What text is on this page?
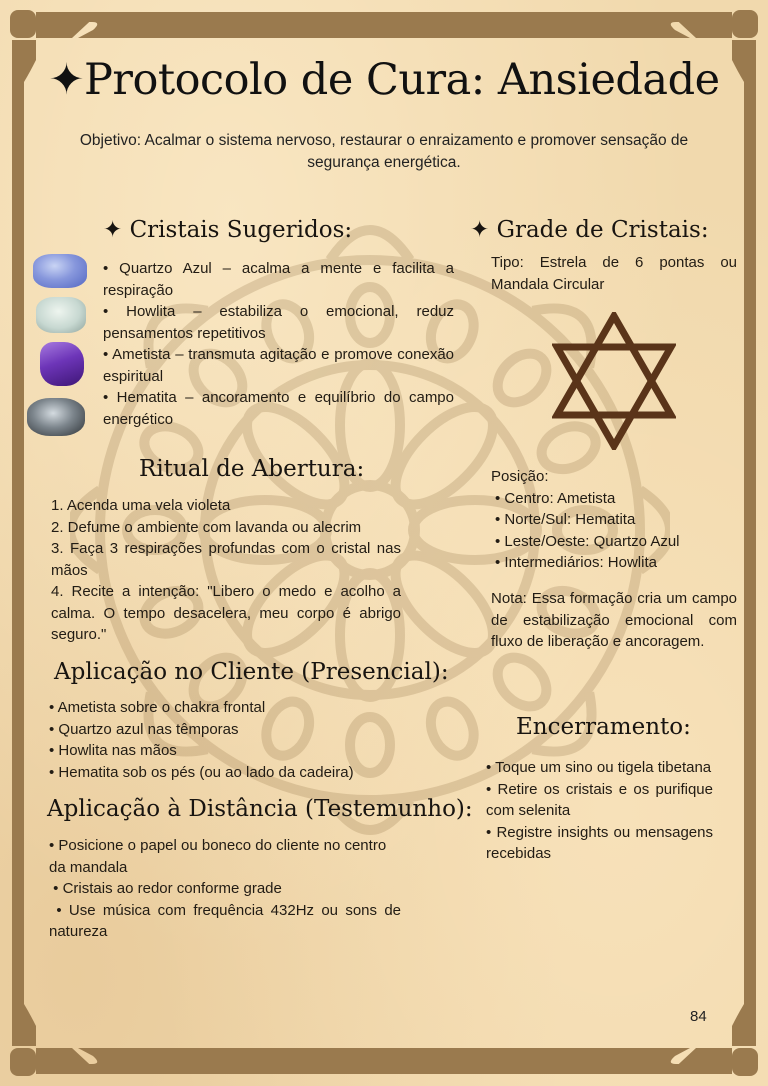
✦Protocolo de Cura: Ansiedade
Objetivo: Acalmar o sistema nervoso, restaurar o enraizamento e promover sensação de segurança energética.
✦ Cristais Sugeridos:
• Quartzo Azul – acalma a mente e facilita a respiração
• Howlita – estabiliza o emocional, reduz pensamentos repetitivos
• Ametista – transmuta agitação e promove conexão espiritual
• Hematita – ancoramento e equilíbrio do campo energético
✦ Grade de Cristais:
Tipo: Estrela de 6 pontas ou Mandala Circular
Posição:
• Centro: Ametista
• Norte/Sul: Hematita
• Leste/Oeste: Quartzo Azul
• Intermediários: Howlita
Nota: Essa formação cria um campo de estabilização emocional com fluxo de liberação e ancoragem.
Ritual de Abertura:
1. Acenda uma vela violeta
2. Defume o ambiente com lavanda ou alecrim
3. Faça 3 respirações profundas com o cristal nas mãos
4. Recite a intenção: "Libero o medo e acolho a calma. O tempo desacelera, meu corpo é abrigo seguro."
Aplicação no Cliente (Presencial):
• Ametista sobre o chakra frontal
• Quartzo azul nas têmporas
• Howlita nas mãos
• Hematita sob os pés (ou ao lado da cadeira)
Aplicação à Distância (Testemunho):
• Posicione o papel ou boneco do cliente no centro da mandala
• Cristais ao redor conforme grade
• Use música com frequência 432Hz ou sons de natureza
Encerramento:
• Toque um sino ou tigela tibetana
• Retire os cristais e os purifique com selenita
• Registre insights ou mensagens recebidas
84
